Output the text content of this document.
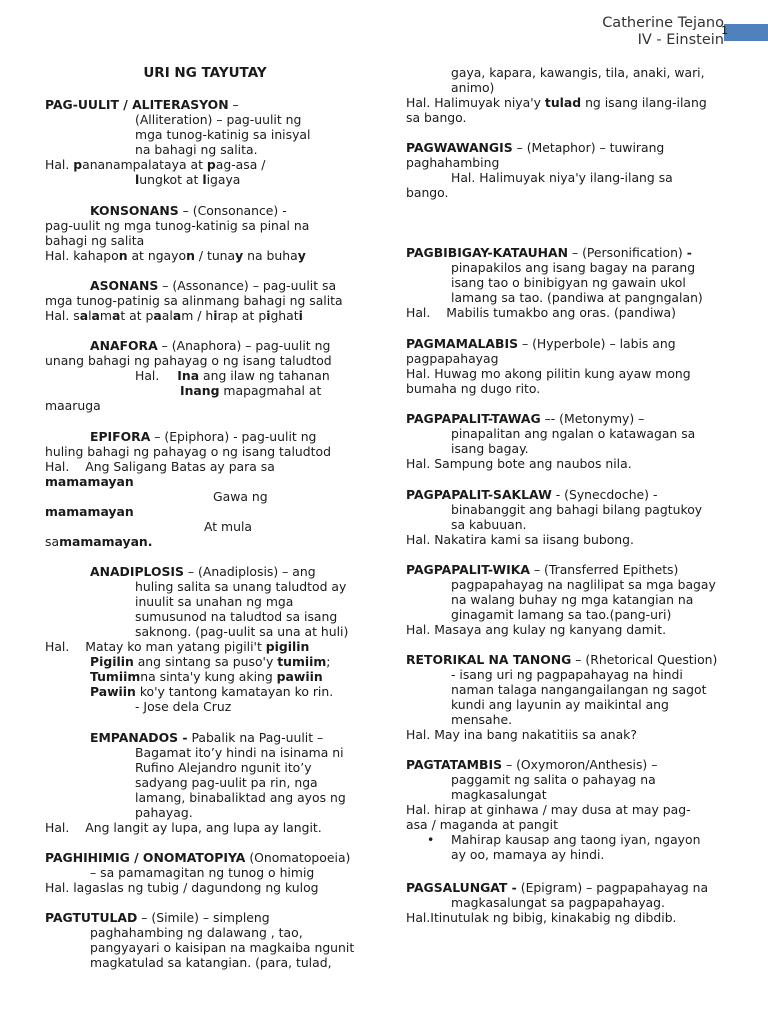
1
Catherine Tejano
IV - Einstein
URI NG TAYUTAY
PAG-UULIT / ALITERASYON –
(Alliteration) – pag-uulit ng
mga tunog-katinig sa inisyal
na bahagi ng salita.
Hal. pananampalataya at pag-asa /
lungkot at ligaya
KONSONANS – (Consonance) -
pag-uulit ng mga tunog-katinig sa pinal na
bahagi ng salita
Hal. kahapon at ngayon / tunay na buhay
ASONANS – (Assonance) – pag-uulit sa
mga tunog-patinig sa alinmang bahagi ng salita
Hal. salamat at paalam / hirap at pighati
ANAFORA – (Anaphora) – pag-uulit ng
unang bahagi ng pahayag o ng isang taludtod
Hal. Ina ang ilaw ng tahanan
Inang mapagmahal at
maaruga
EPIFORA – (Epiphora) - pag-uulit ng
huling bahagi ng pahayag o ng isang taludtod
Hal. Ang Saligang Batas ay para sa
mamamayan
Gawa ng
mamamayan
At mula
samamamayan.
ANADIPLOSIS – (Anadiplosis) – ang
huling salita sa unang taludtod ay
inuulit sa unahan ng mga
sumusunod na taludtod sa isang
saknong. (pag-uulit sa una at huli)
Hal. Matay ko man yatang pigili't pigilin
Pigilin ang sintang sa puso'y tumiim;
Tumiimna sinta'y kung aking pawiin
Pawiin ko'y tantong kamatayan ko rin.
- Jose dela Cruz
EMPANADOS - Pabalik na Pag-uulit –
Bagamat ito’y hindi na isinama ni
Rufino Alejandro ngunit ito’y
sadyang pag-uulit pa rin, nga
lamang, binabaliktad ang ayos ng
pahayag.
Hal. Ang langit ay lupa, ang lupa ay langit.
PAGHIHIMIG / ONOMATOPIYA (Onomatopoeia)
– sa pamamagitan ng tunog o himig
Hal. lagaslas ng tubig / dagundong ng kulog
PAGTUTULAD – (Simile) – simpleng
paghahambing ng dalawang , tao,
pangyayari o kaisipan na magkaiba ngunit
magkatulad sa katangian. (para, tulad,
gaya, kapara, kawangis, tila, anaki, wari,
animo)
Hal. Halimuyak niya'y tulad ng isang ilang-ilang
sa bango.
PAGWAWANGIS – (Metaphor) – tuwirang
paghahambing
Hal. Halimuyak niya'y ilang-ilang sa
bango.
PAGBIBIGAY-KATAUHAN – (Personification) -
pinapakilos ang isang bagay na parang
isang tao o binibigyan ng gawain ukol
lamang sa tao. (pandiwa at pangngalan)
Hal. Mabilis tumakbo ang oras. (pandiwa)
PAGMAMALABIS – (Hyperbole) – labis ang
pagpapahayag
Hal. Huwag mo akong pilitin kung ayaw mong
bumaha ng dugo rito.
PAGPAPALIT-TAWAG –- (Metonymy) –
pinapalitan ang ngalan o katawagan sa
isang bagay.
Hal. Sampung bote ang naubos nila.
PAGPAPALIT-SAKLAW - (Synecdoche) -
binabanggit ang bahagi bilang pagtukoy
sa kabuuan.
Hal. Nakatira kami sa iisang bubong.
PAGPAPALIT-WIKA – (Transferred Epithets)
pagpapahayag na naglilipat sa mga bagay
na walang buhay ng mga katangian na
ginagamit lamang sa tao.(pang-uri)
Hal. Masaya ang kulay ng kanyang damit.
RETORIKAL NA TANONG – (Rhetorical Question)
- isang uri ng pagpapahayag na hindi
naman talaga nangangailangan ng sagot
kundi ang layunin ay maikintal ang
mensahe.
Hal. May ina bang nakatitiis sa anak?
PAGTATAMBIS – (Oxymoron/Anthesis) –
paggamit ng salita o pahayag na
magkasalungat
Hal. hirap at ginhawa / may dusa at may pag-
asa / maganda at pangit
• Mahirap kausap ang taong iyan, ngayon
ay oo, mamaya ay hindi.
PAGSALUNGAT - (Epigram) – pagpapahayag na
magkasalungat sa pagpapahayag.
Hal.Itinutulak ng bibig, kinakabig ng dibdib.
